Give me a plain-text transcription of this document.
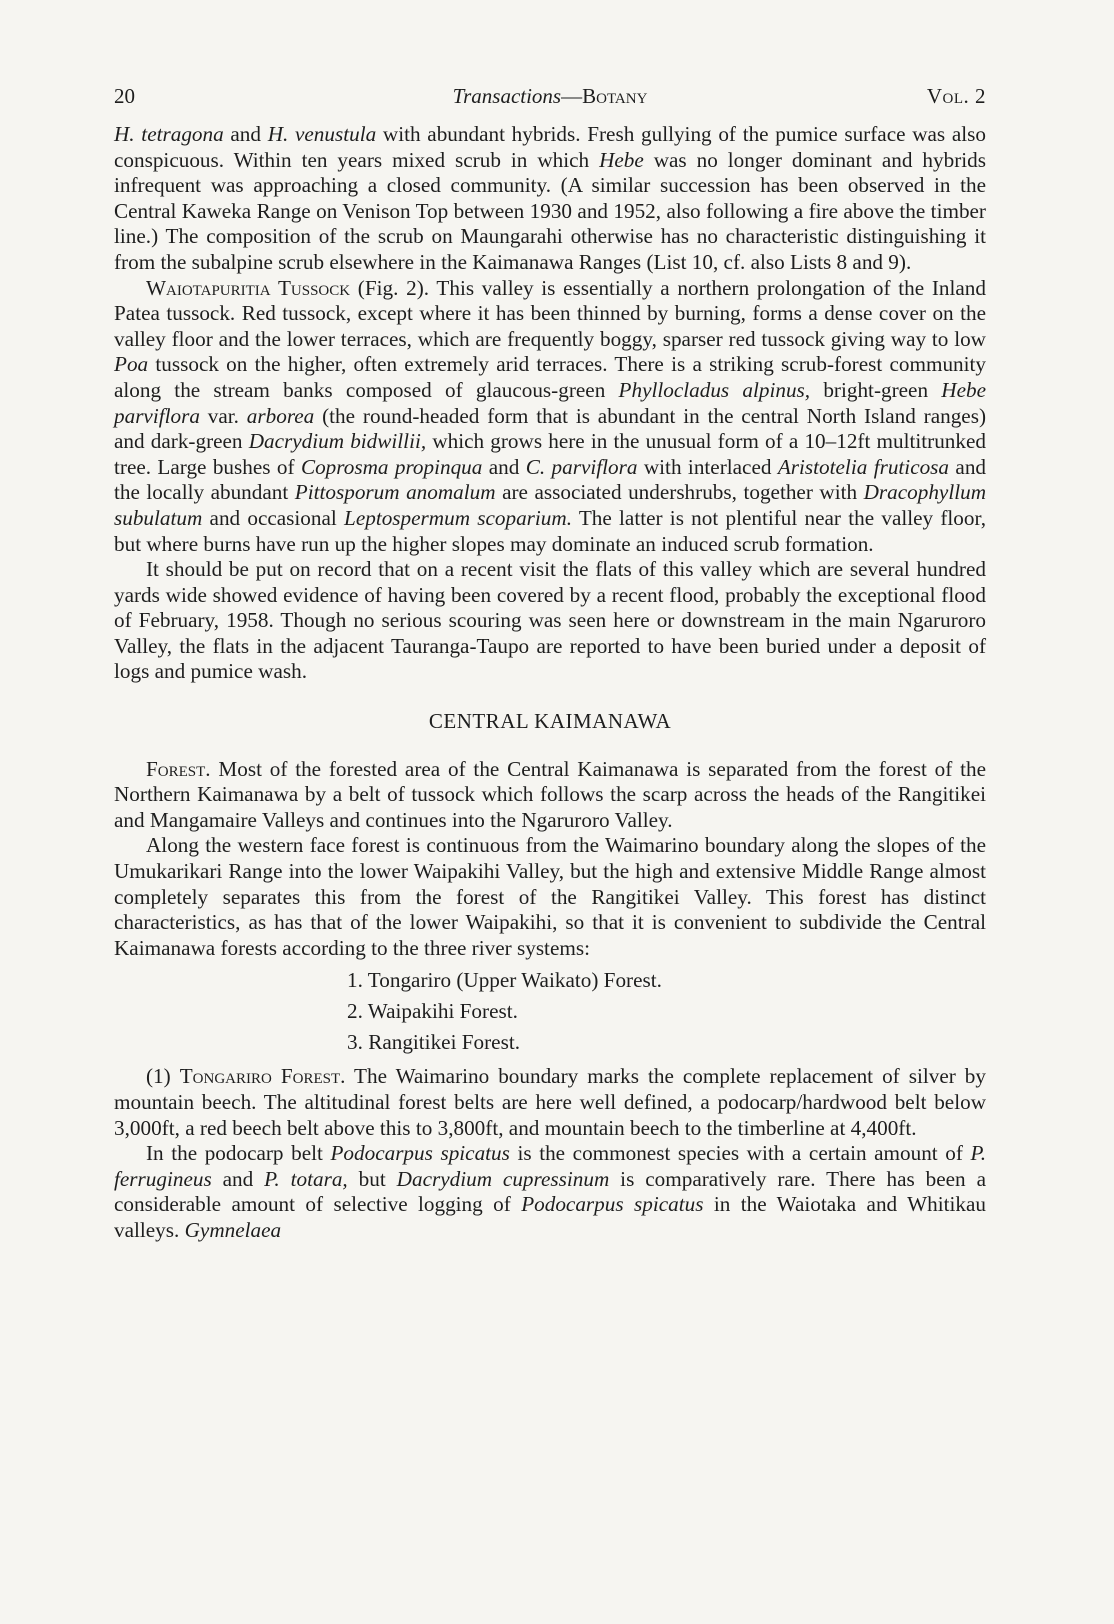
20	Transactions—Botany	Vol. 2

H. tetragona and H. venustula with abundant hybrids. Fresh gullying of the pumice surface was also conspicuous. Within ten years mixed scrub in which Hebe was no longer dominant and hybrids infrequent was approaching a closed community. (A similar succession has been observed in the Central Kaweka Range on Venison Top between 1930 and 1952, also following a fire above the timber line.) The composition of the scrub on Maungarahi otherwise has no characteristic distinguishing it from the subalpine scrub elsewhere in the Kaimanawa Ranges (List 10, cf. also Lists 8 and 9).

Waiotapuritia Tussock (Fig. 2). This valley is essentially a northern prolongation of the Inland Patea tussock. Red tussock, except where it has been thinned by burning, forms a dense cover on the valley floor and the lower terraces, which are frequently boggy, sparser red tussock giving way to low Poa tussock on the higher, often extremely arid terraces. There is a striking scrub-forest community along the stream banks composed of glaucous-green Phyllocladus alpinus, bright-green Hebe parviflora var. arborea (the round-headed form that is abundant in the central North Island ranges) and dark-green Dacrydium bidwillii, which grows here in the unusual form of a 10–12ft multitrunked tree. Large bushes of Coprosma propinqua and C. parviflora with interlaced Aristotelia fruticosa and the locally abundant Pittosporum anomalum are associated undershrubs, together with Dracophyllum subulatum and occasional Leptospermum scoparium. The latter is not plentiful near the valley floor, but where burns have run up the higher slopes may dominate an induced scrub formation.

It should be put on record that on a recent visit the flats of this valley which are several hundred yards wide showed evidence of having been covered by a recent flood, probably the exceptional flood of February, 1958. Though no serious scouring was seen here or downstream in the main Ngaruroro Valley, the flats in the adjacent Tauranga-Taupo are reported to have been buried under a deposit of logs and pumice wash.

CENTRAL KAIMANAWA

Forest. Most of the forested area of the Central Kaimanawa is separated from the forest of the Northern Kaimanawa by a belt of tussock which follows the scarp across the heads of the Rangitikei and Mangamaire Valleys and continues into the Ngaruroro Valley.

Along the western face forest is continuous from the Waimarino boundary along the slopes of the Umukarikari Range into the lower Waipakihi Valley, but the high and extensive Middle Range almost completely separates this from the forest of the Rangitikei Valley. This forest has distinct characteristics, as has that of the lower Waipakihi, so that it is convenient to subdivide the Central Kaimanawa forests according to the three river systems:

1. Tongariro (Upper Waikato) Forest.
2. Waipakihi Forest.
3. Rangitikei Forest.

(1) Tongariro Forest. The Waimarino boundary marks the complete replacement of silver by mountain beech. The altitudinal forest belts are here well defined, a podocarp/hardwood belt below 3,000ft, a red beech belt above this to 3,800ft, and mountain beech to the timberline at 4,400ft.

In the podocarp belt Podocarpus spicatus is the commonest species with a certain amount of P. ferrugineus and P. totara, but Dacrydium cupressinum is comparatively rare. There has been a considerable amount of selective logging of Podocarpus spicatus in the Waiotaka and Whitikau valleys. Gymnelaea
